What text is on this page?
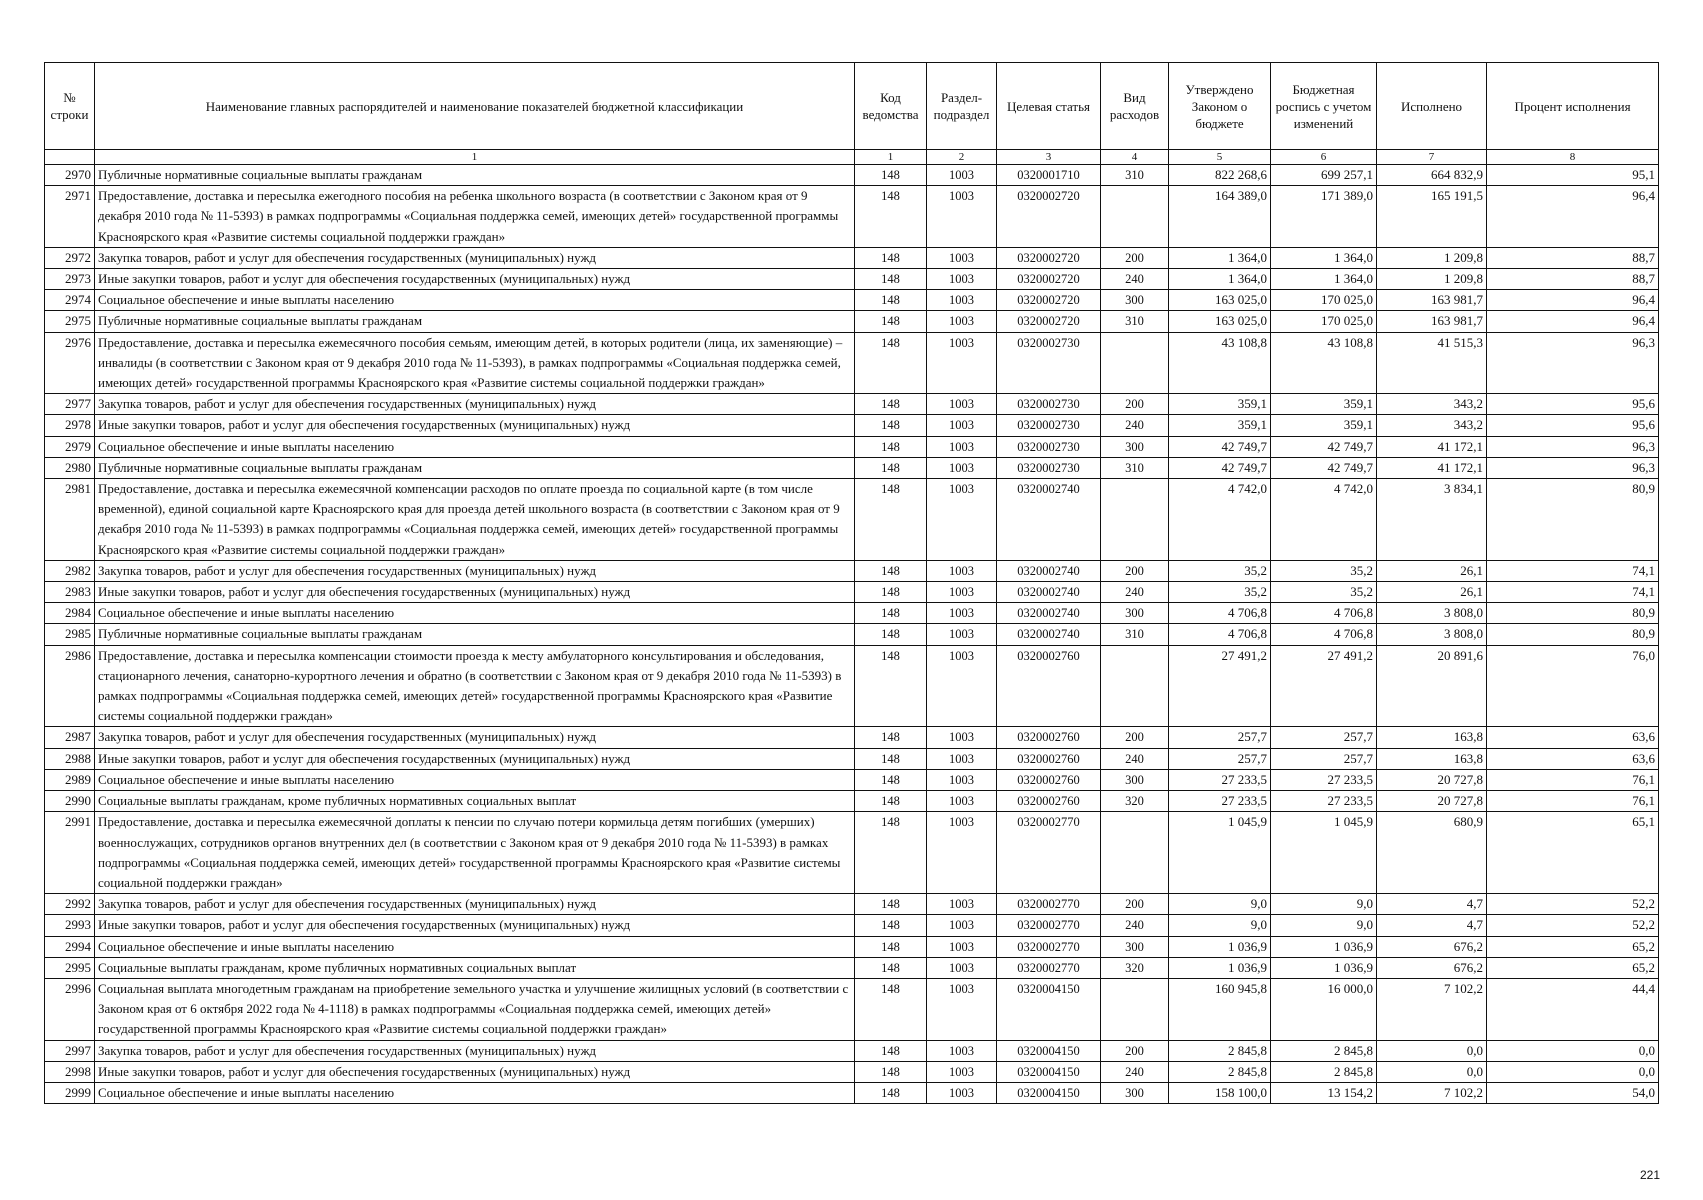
№ строки	Наименование главных распорядителей и наименование показателей бюджетной классификации	Код ведомства	Раздел-подраздел	Целевая статья	Вид расходов	Утверждено Законом о бюджете	Бюджетная роспись с учетом изменений	Исполнено	Процент исполнения
	1	1	2	3	4	5	6	7	8
2970	Публичные нормативные социальные выплаты гражданам	148	1003	0320001710	310	822 268,6	699 257,1	664 832,9	95,1
2971	Предоставление, доставка и пересылка ежегодного пособия на ребенка школьного возраста (в соответствии с Законом края от 9 декабря 2010 года № 11-5393) в рамках подпрограммы «Социальная поддержка семей, имеющих детей» государственной программы Красноярского края «Развитие системы социальной поддержки граждан»	148	1003	0320002720		164 389,0	171 389,0	165 191,5	96,4
2972	Закупка товаров, работ и услуг для обеспечения государственных (муниципальных) нужд	148	1003	0320002720	200	1 364,0	1 364,0	1 209,8	88,7
2973	Иные закупки товаров, работ и услуг для обеспечения государственных (муниципальных) нужд	148	1003	0320002720	240	1 364,0	1 364,0	1 209,8	88,7
2974	Социальное обеспечение и иные выплаты населению	148	1003	0320002720	300	163 025,0	170 025,0	163 981,7	96,4
2975	Публичные нормативные социальные выплаты гражданам	148	1003	0320002720	310	163 025,0	170 025,0	163 981,7	96,4
2976	Предоставление, доставка и пересылка ежемесячного пособия семьям, имеющим детей, в которых родители (лица, их заменяющие) – инвалиды (в соответствии с Законом края от 9 декабря 2010 года № 11-5393), в рамках подпрограммы «Социальная поддержка семей, имеющих детей» государственной программы Красноярского края «Развитие системы социальной поддержки граждан»	148	1003	0320002730		43 108,8	43 108,8	41 515,3	96,3
2977	Закупка товаров, работ и услуг для обеспечения государственных (муниципальных) нужд	148	1003	0320002730	200	359,1	359,1	343,2	95,6
2978	Иные закупки товаров, работ и услуг для обеспечения государственных (муниципальных) нужд	148	1003	0320002730	240	359,1	359,1	343,2	95,6
2979	Социальное обеспечение и иные выплаты населению	148	1003	0320002730	300	42 749,7	42 749,7	41 172,1	96,3
2980	Публичные нормативные социальные выплаты гражданам	148	1003	0320002730	310	42 749,7	42 749,7	41 172,1	96,3
2981	Предоставление, доставка и пересылка ежемесячной компенсации расходов по оплате проезда по социальной карте (в том числе временной), единой социальной карте Красноярского края для проезда детей школьного возраста (в соответствии с Законом края от 9 декабря 2010 года № 11-5393) в рамках подпрограммы «Социальная поддержка семей, имеющих детей» государственной программы Красноярского края «Развитие системы социальной поддержки граждан»	148	1003	0320002740		4 742,0	4 742,0	3 834,1	80,9
2982	Закупка товаров, работ и услуг для обеспечения государственных (муниципальных) нужд	148	1003	0320002740	200	35,2	35,2	26,1	74,1
2983	Иные закупки товаров, работ и услуг для обеспечения государственных (муниципальных) нужд	148	1003	0320002740	240	35,2	35,2	26,1	74,1
2984	Социальное обеспечение и иные выплаты населению	148	1003	0320002740	300	4 706,8	4 706,8	3 808,0	80,9
2985	Публичные нормативные социальные выплаты гражданам	148	1003	0320002740	310	4 706,8	4 706,8	3 808,0	80,9
2986	Предоставление, доставка и пересылка компенсации стоимости проезда к месту амбулаторного консультирования и обследования, стационарного лечения, санаторно-курортного лечения и обратно (в соответствии с Законом края от 9 декабря 2010 года № 11-5393) в рамках подпрограммы «Социальная поддержка семей, имеющих детей» государственной программы Красноярского края «Развитие системы социальной поддержки граждан»	148	1003	0320002760		27 491,2	27 491,2	20 891,6	76,0
2987	Закупка товаров, работ и услуг для обеспечения государственных (муниципальных) нужд	148	1003	0320002760	200	257,7	257,7	163,8	63,6
2988	Иные закупки товаров, работ и услуг для обеспечения государственных (муниципальных) нужд	148	1003	0320002760	240	257,7	257,7	163,8	63,6
2989	Социальное обеспечение и иные выплаты населению	148	1003	0320002760	300	27 233,5	27 233,5	20 727,8	76,1
2990	Социальные выплаты гражданам, кроме публичных нормативных социальных выплат	148	1003	0320002760	320	27 233,5	27 233,5	20 727,8	76,1
2991	Предоставление, доставка и пересылка ежемесячной доплаты к пенсии по случаю потери кормильца детям погибших (умерших) военнослужащих, сотрудников органов внутренних дел (в соответствии с Законом края от 9 декабря 2010 года № 11-5393) в рамках подпрограммы «Социальная поддержка семей, имеющих детей» государственной программы Красноярского края «Развитие системы социальной поддержки граждан»	148	1003	0320002770		1 045,9	1 045,9	680,9	65,1
2992	Закупка товаров, работ и услуг для обеспечения государственных (муниципальных) нужд	148	1003	0320002770	200	9,0	9,0	4,7	52,2
2993	Иные закупки товаров, работ и услуг для обеспечения государственных (муниципальных) нужд	148	1003	0320002770	240	9,0	9,0	4,7	52,2
2994	Социальное обеспечение и иные выплаты населению	148	1003	0320002770	300	1 036,9	1 036,9	676,2	65,2
2995	Социальные выплаты гражданам, кроме публичных нормативных социальных выплат	148	1003	0320002770	320	1 036,9	1 036,9	676,2	65,2
2996	Социальная выплата многодетным гражданам на приобретение земельного участка и улучшение жилищных условий (в соответствии с Законом края от 6 октября 2022 года № 4-1118) в рамках подпрограммы «Социальная поддержка семей, имеющих детей» государственной программы Красноярского края «Развитие системы социальной поддержки граждан»	148	1003	0320004150		160 945,8	16 000,0	7 102,2	44,4
2997	Закупка товаров, работ и услуг для обеспечения государственных (муниципальных) нужд	148	1003	0320004150	200	2 845,8	2 845,8	0,0	0,0
2998	Иные закупки товаров, работ и услуг для обеспечения государственных (муниципальных) нужд	148	1003	0320004150	240	2 845,8	2 845,8	0,0	0,0
2999	Социальное обеспечение и иные выплаты населению	148	1003	0320004150	300	158 100,0	13 154,2	7 102,2	54,0
221
